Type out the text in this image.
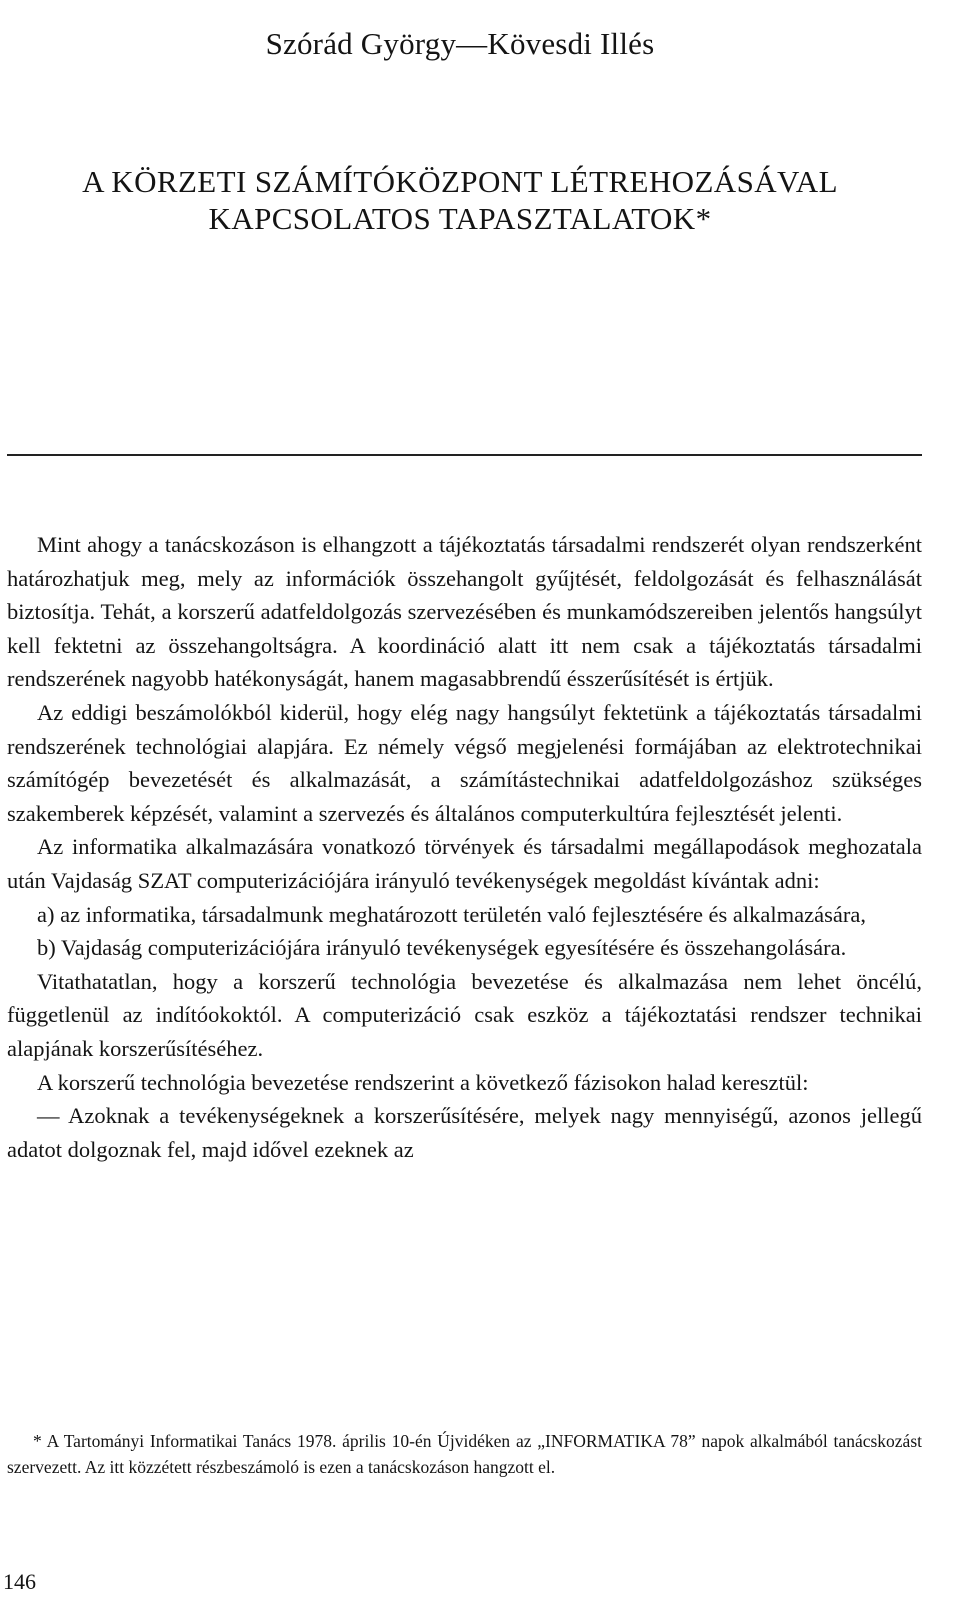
Szórád György—Kövesdi Illés
A KÖRZETI SZÁMÍTÓKÖZPONT LÉTREHOZÁSÁVAL
KAPCSOLATOS TAPASZTALATOK*

Mint ahogy a tanácskozáson is elhangzott a tájékoztatás társadalmi rendszerét olyan rendszerként határozhatjuk meg, mely az információk összehangolt gyűjtését, feldolgozását és felhasználását biztosítja. Tehát, a korszerű adatfeldolgozás szervezésében és munkamódszereiben jelentős hangsúlyt kell fektetni az összehangoltságra. A koordináció alatt itt nem csak a tájékoztatás társadalmi rendszerének nagyobb hatékonyságát, hanem magasabbrendű ésszerűsítését is értjük.

Az eddigi beszámolókból kiderül, hogy elég nagy hangsúlyt fektetünk a tájékoztatás társadalmi rendszerének technológiai alapjára. Ez némely végső megjelenési formájában az elektrotechnikai számítógép bevezetését és alkalmazását, a számítástechnikai adatfeldolgozáshoz szükséges szakemberek képzését, valamint a szervezés és általános computerkultúra fejlesztését jelenti.

Az informatika alkalmazására vonatkozó törvények és társadalmi megállapodások meghozatala után Vajdaság SZAT computerizációjára irányuló tevékenységek megoldást kívántak adni:

a) az informatika, társadalmunk meghatározott területén való fejlesztésére és alkalmazására,

b) Vajdaság computerizációjára irányuló tevékenységek egyesítésére és összehangolására.

Vitathatatlan, hogy a korszerű technológia bevezetése és alkalmazása nem lehet öncélú, függetlenül az indítóokoktól. A computerizáció csak eszköz a tájékoztatási rendszer technikai alapjának korszerűsítéséhez.

A korszerű technológia bevezetése rendszerint a következő fázisokon halad keresztül:

— Azoknak a tevékenységeknek a korszerűsítésére, melyek nagy mennyiségű, azonos jellegű adatot dolgoznak fel, majd idővel ezeknek az

* A Tartományi Informatikai Tanács 1978. április 10-én Újvidéken az „INFORMATIKA 78” napok alkalmából tanácskozást szervezett. Az itt közzétett részbeszámoló is ezen a tanácskozáson hangzott el.
146
